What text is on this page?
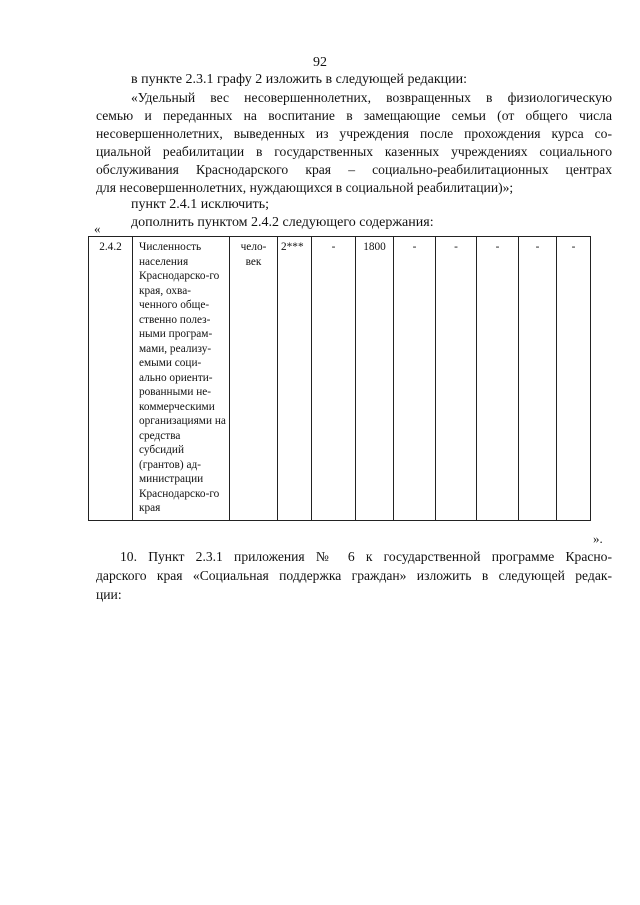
92
в пункте 2.3.1 графу 2 изложить в следующей редакции:
«Удельный вес несовершеннолетних, возвращенных в физиологическую
семью и переданных на воспитание в замещающие семьи (от общего числа
несовершеннолетних, выведенных из учреждения после прохождения курса со-
циальной реабилитации в государственных казенных учреждениях социального
обслуживания Краснодарского края – социально-реабилитационных центрах
для несовершеннолетних, нуждающихся в социальной реабилитации)»;
пункт 2.4.1 исключить;
дополнить пунктом 2.4.2 следующего содержания:
«
2.4.2	Численность населения Краснодарско-го края, охва-ченного обще-ственно полез-ными програм-мами, реализу-емыми соци-ально ориенти-рованными не-коммерческими организациями на средства субсидий (грантов) ад-министрации Краснодарско-го края	чело-век	2***	-	1800	-	-	-	-	-
».
10. Пункт 2.3.1 приложения № 6 к государственной программе Красно-
дарского края «Социальная поддержка граждан» изложить в следующей редак-
ции:
